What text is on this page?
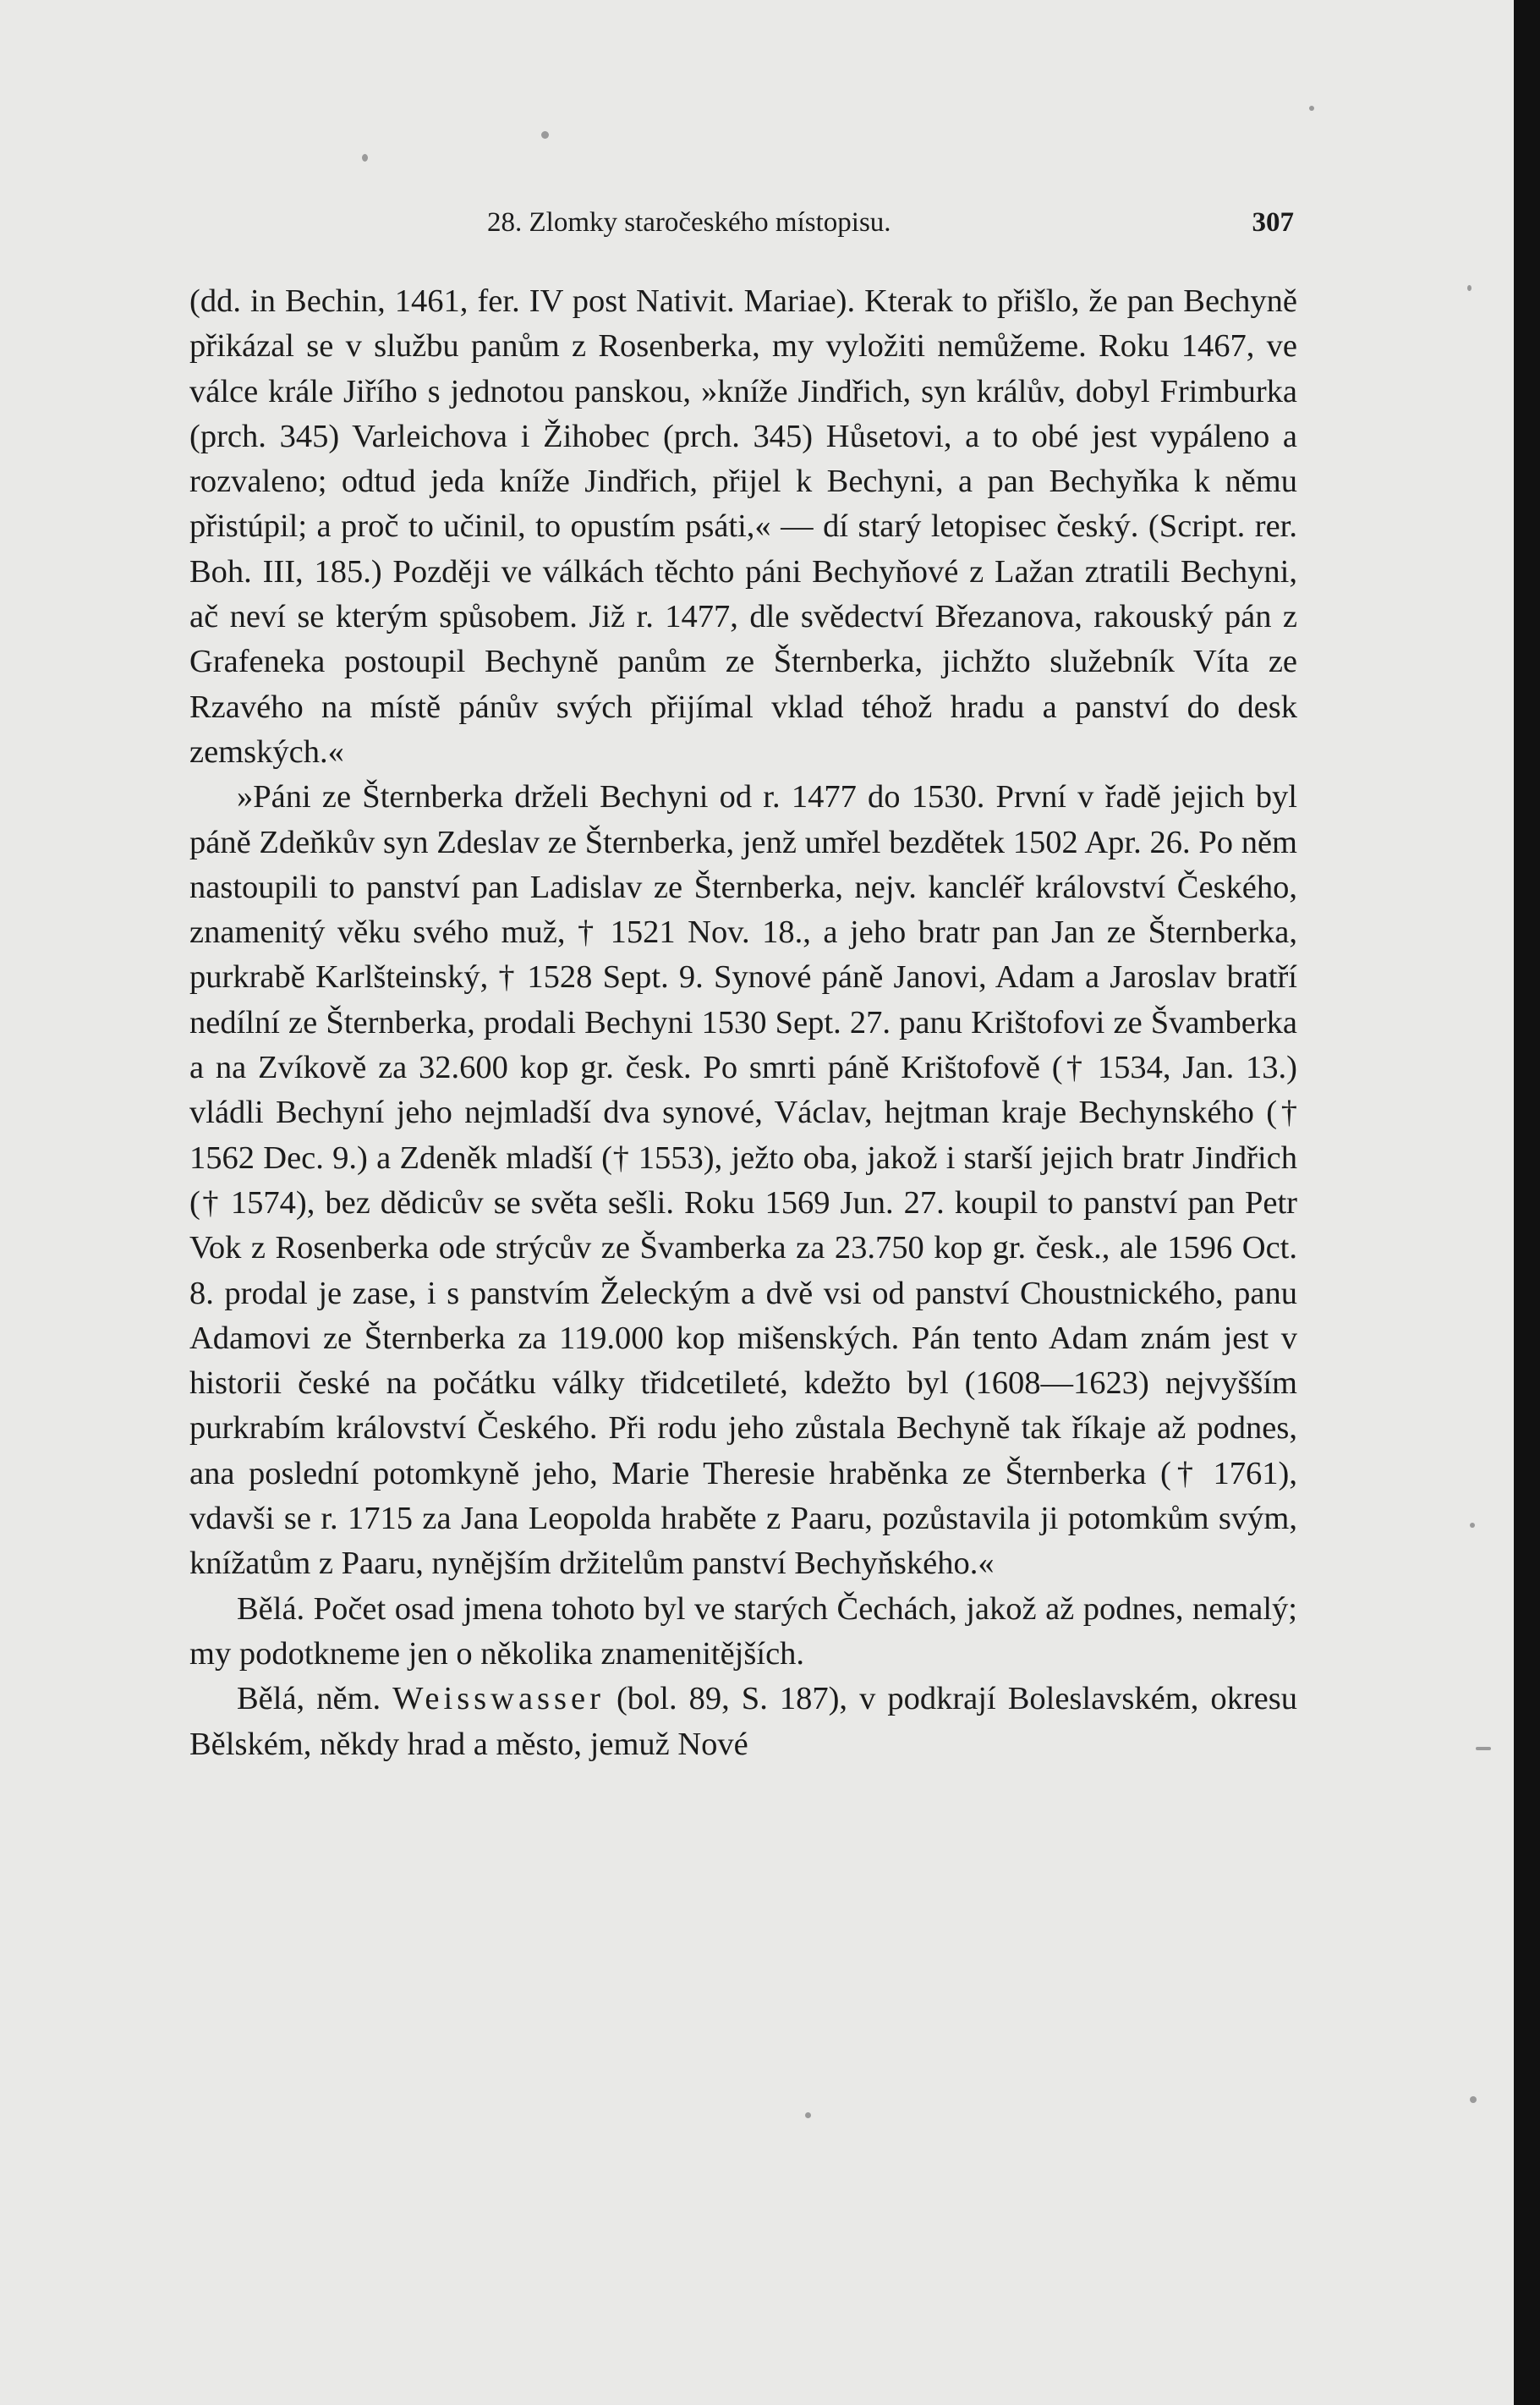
28. Zlomky staročeského místopisu.	307

(dd. in Bechin, 1461, fer. IV post Nativit. Mariae). Kterak to přišlo, že pan Bechyně přikázal se v službu panům z Rosenberka, my vyložiti nemůžeme. Roku 1467, ve válce krále Jiřího s jednotou panskou, »kníže Jindřich, syn králův, dobyl Frimburka (prch. 345) Varleichova i Žihobec (prch. 345) Hůsetovi, a to obé jest vypáleno a rozvaleno; odtud jeda kníže Jindřich, přijel k Bechyni, a pan Bechyňka k němu přistúpil; a proč to učinil, to opustím psáti,« — dí starý letopisec český. (Script. rer. Boh. III, 185.) Později ve válkách těchto páni Bechyňové z Lažan ztratili Bechyni, ač neví se kterým spůsobem. Již r. 1477, dle svědectví Březanova, rakouský pán z Grafeneka postoupil Bechyně panům ze Šternberka, jichžto služebník Víta ze Rzavého na místě pánův svých přijímal vklad téhož hradu a panství do desk zemských.«

»Páni ze Šternberka drželi Bechyni od r. 1477 do 1530. První v řadě jejich byl páně Zdeňkův syn Zdeslav ze Šternberka, jenž umřel bezdětek 1502 Apr. 26. Po něm nastoupili to panství pan Ladislav ze Šternberka, nejv. kancléř království Českého, znamenitý věku svého muž, † 1521 Nov. 18., a jeho bratr pan Jan ze Šternberka, purkrabě Karlšteinský, † 1528 Sept. 9. Synové páně Janovi, Adam a Jaroslav bratří nedílní ze Šternberka, prodali Bechyni 1530 Sept. 27. panu Krištofovi ze Švamberka a na Zvíkově za 32.600 kop gr. česk. Po smrti páně Krištofově († 1534, Jan. 13.) vládli Bechyní jeho nejmladší dva synové, Václav, hejtman kraje Bechynského († 1562 Dec. 9.) a Zdeněk mladší († 1553), ježto oba, jakož i starší jejich bratr Jindřich († 1574), bez dědicův se světa sešli. Roku 1569 Jun. 27. koupil to panství pan Petr Vok z Rosenberka ode strýcův ze Švamberka za 23.750 kop gr. česk., ale 1596 Oct. 8. prodal je zase, i s panstvím Želeckým a dvě vsi od panství Choustnického, panu Adamovi ze Šternberka za 119.000 kop mišenských. Pán tento Adam znám jest v historii české na počátku války třidcetileté, kdežto byl (1608—1623) nejvyšším purkrabím království Českého. Při rodu jeho zůstala Bechyně tak říkaje až podnes, ana poslední potomkyně jeho, Marie Theresie hraběnka ze Šternberka († 1761), vdavši se r. 1715 za Jana Leopolda hraběte z Paaru, pozůstavila ji potomkům svým, knížatům z Paaru, nynějším držitelům panství Bechyňského.«

Bělá. Počet osad jmena tohoto byl ve starých Čechách, jakož až podnes, nemalý; my podotkneme jen o několika znamenitějších.

Bělá, něm. Weisswasser (bol. 89, S. 187), v podkrají Boleslavském, okresu Bělském, někdy hrad a město, jemuž Nové
